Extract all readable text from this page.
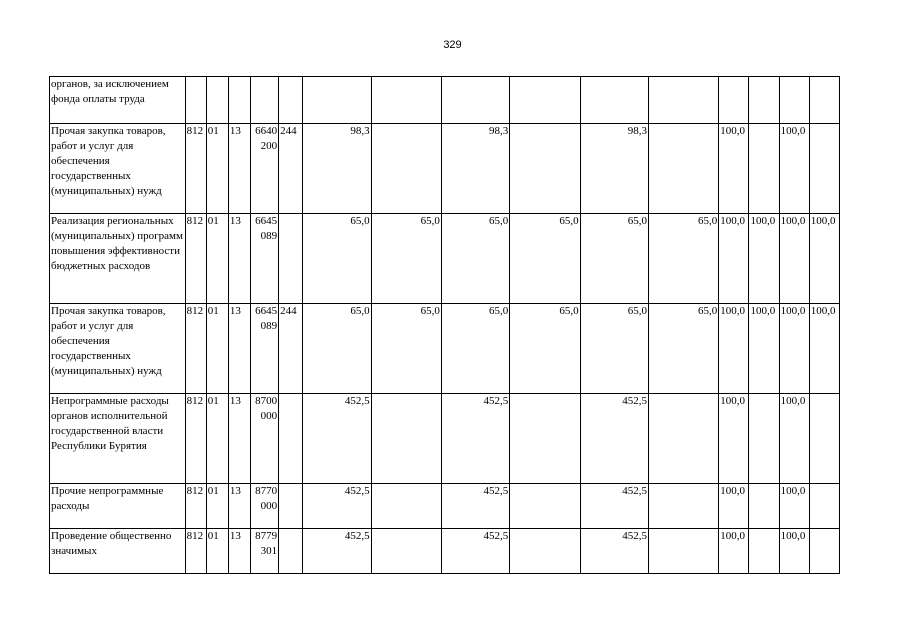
329
органов, за исключением фонда оплаты труда															
Прочая закупка товаров, работ и услуг для обеспечения государственных (муниципальных) нужд	812	01	13	6640 200	244	98,3		98,3		98,3		100,0		100,0	
Реализация региональных (муниципальных) программ повышения эффективности бюджетных расходов	812	01	13	6645 089		65,0	65,0	65,0	65,0	65,0	65,0	100,0	100,0	100,0	100,0
Прочая закупка товаров, работ и услуг для обеспечения государственных (муниципальных) нужд	812	01	13	6645 089	244	65,0	65,0	65,0	65,0	65,0	65,0	100,0	100,0	100,0	100,0
Непрограммные расходы органов исполнительной государственной власти Республики Бурятия	812	01	13	8700 000		452,5		452,5		452,5		100,0		100,0	
Прочие непрограммные расходы	812	01	13	8770 000		452,5		452,5		452,5		100,0		100,0	
Проведение общественно значимых	812	01	13	8779 301		452,5		452,5		452,5		100,0		100,0	
